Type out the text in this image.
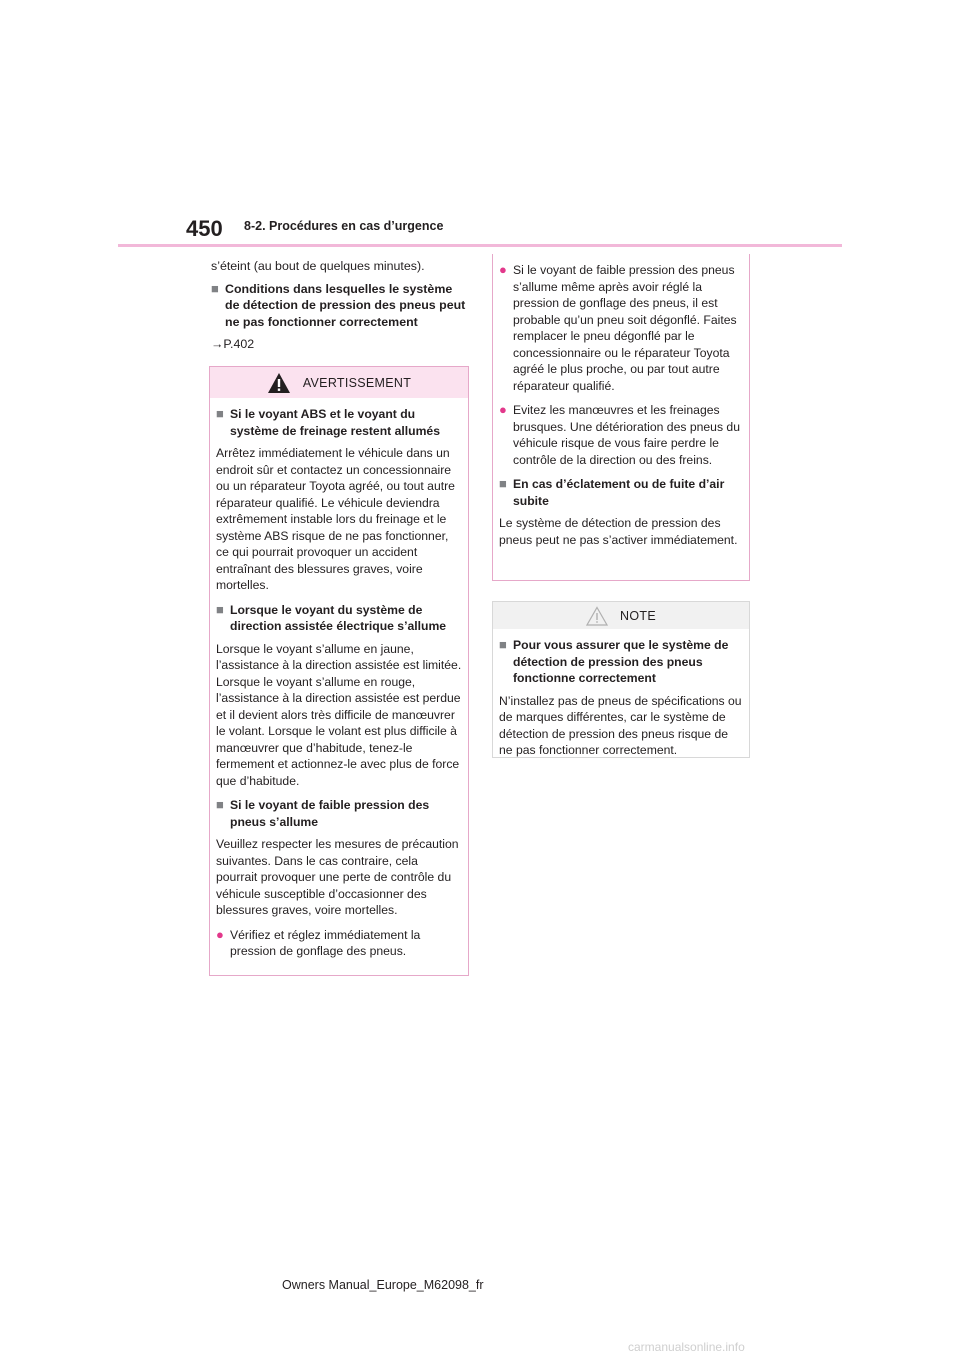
450 8-2. Procédures en cas d’urgence

s’éteint (au bout de quelques minutes).

■ Conditions dans lesquelles le système de détection de pression des pneus peut ne pas fonctionner correctement

→P.402

AVERTISSEMENT
■ Si le voyant ABS et le voyant du système de freinage restent allumés

Arrêtez immédiatement le véhicule dans un endroit sûr et contactez un concessionnaire ou un réparateur Toyota agréé, ou tout autre réparateur qualifié. Le véhicule deviendra extrêmement instable lors du freinage et le système ABS risque de ne pas fonctionner, ce qui pourrait provoquer un accident entraînant des blessures graves, voire mortelles.

■ Lorsque le voyant du système de direction assistée électrique s’allume

Lorsque le voyant s’allume en jaune, l’assistance à la direction assistée est limitée. Lorsque le voyant s’allume en rouge, l’assistance à la direction assistée est perdue et il devient alors très difficile de manœuvrer le volant. Lorsque le volant est plus difficile à manœuvrer que d’habitude, tenez-le fermement et actionnez-le avec plus de force que d’habitude.

■ Si le voyant de faible pression des pneus s’allume

Veuillez respecter les mesures de précaution suivantes. Dans le cas contraire, cela pourrait provoquer une perte de contrôle du véhicule susceptible d’occasionner des blessures graves, voire mortelles.

● Vérifiez et réglez immédiatement la pression de gonflage des pneus.
● Si le voyant de faible pression des pneus s’allume même après avoir réglé la pression de gonflage des pneus, il est probable qu’un pneu soit dégonflé. Faites remplacer le pneu dégonflé par le concessionnaire ou le réparateur Toyota agréé le plus proche, ou par tout autre réparateur qualifié.
● Evitez les manœuvres et les freinages brusques. Une détérioration des pneus du véhicule risque de vous faire perdre le contrôle de la direction ou des freins.
■ En cas d’éclatement ou de fuite d’air subite

Le système de détection de pression des pneus peut ne pas s’activer immédiatement.

NOTE
■ Pour vous assurer que le système de détection de pression des pneus fonctionne correctement

N’installez pas de pneus de spécifications ou de marques différentes, car le système de détection de pression des pneus risque de ne pas fonctionner correctement.

Owners Manual_Europe_M62098_fr
carmanualsonline.info
